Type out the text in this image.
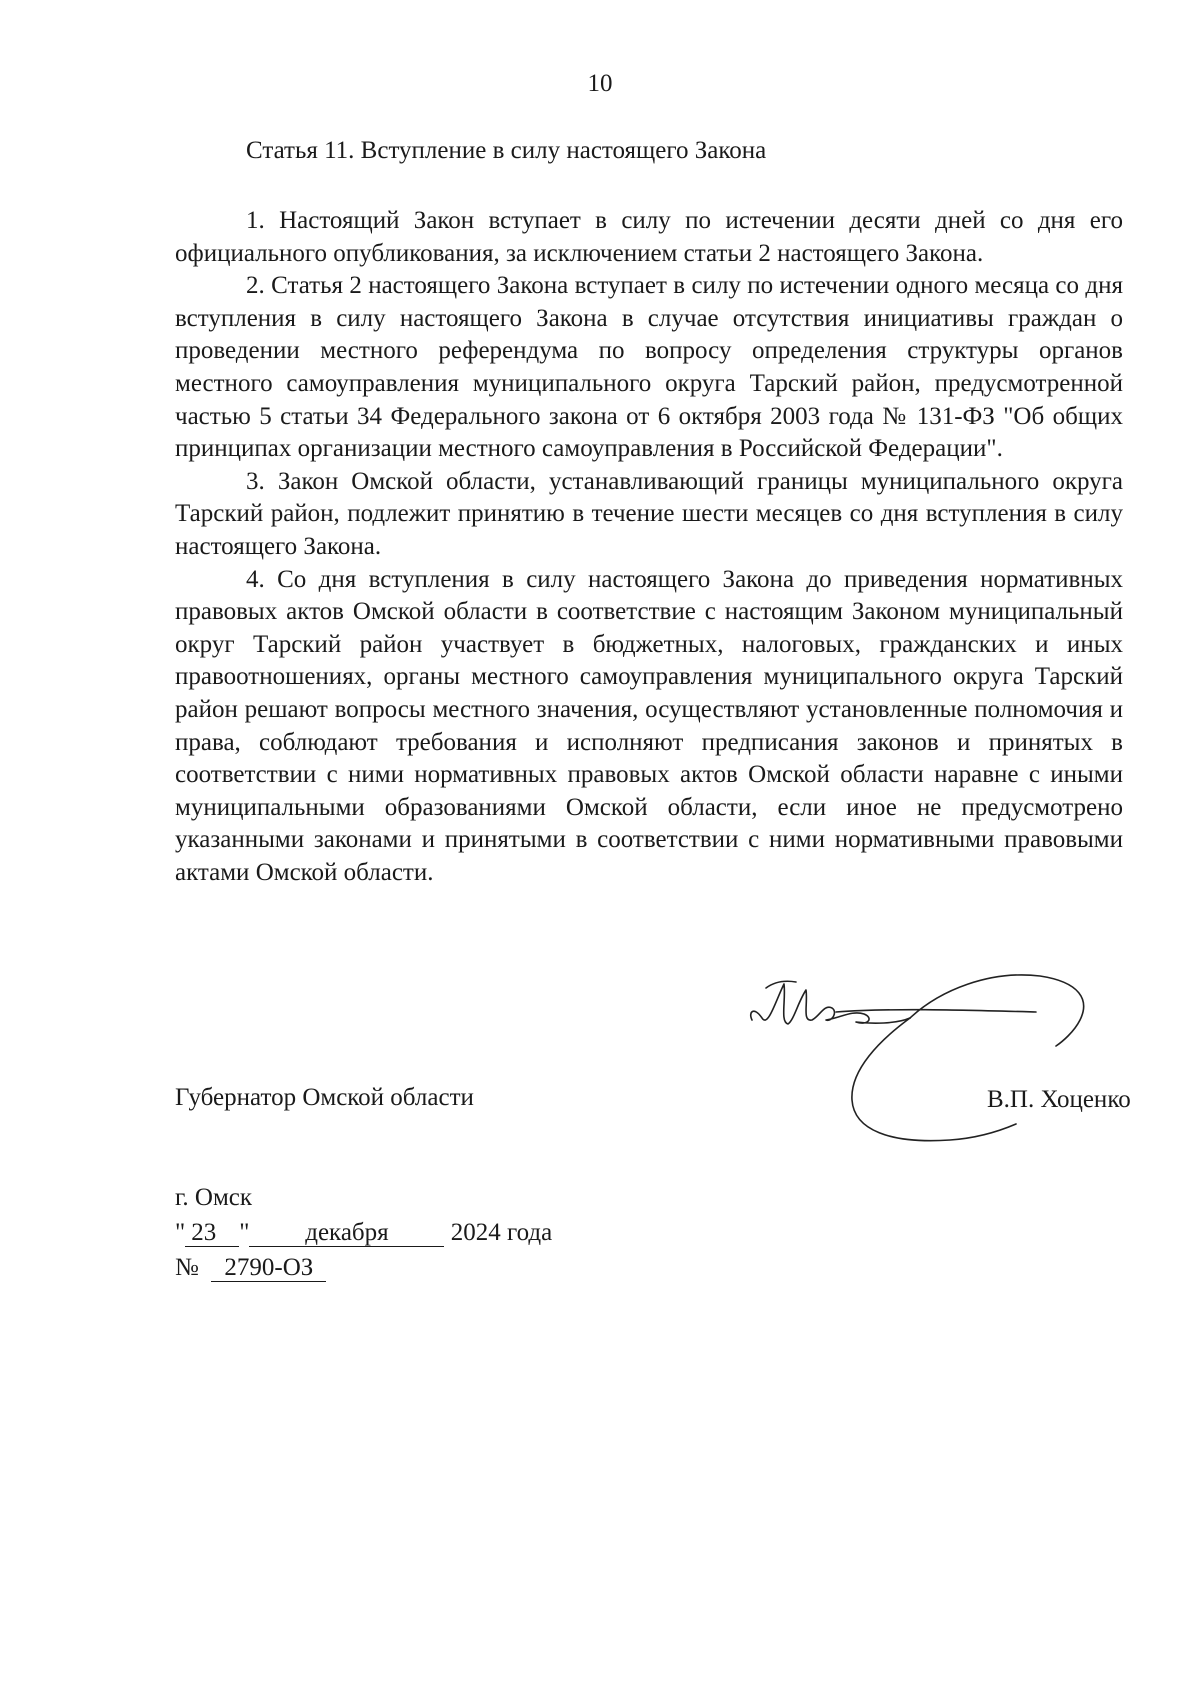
10
Статья 11. Вступление в силу настоящего Закона

1. Настоящий Закон вступает в силу по истечении десяти дней со дня его официального опубликования, за исключением статьи 2 настоящего Закона.

2. Статья 2 настоящего Закона вступает в силу по истечении одного месяца со дня вступления в силу настоящего Закона в случае отсутствия инициативы граждан о проведении местного референдума по вопросу определения структуры органов местного самоуправления муниципального округа Тарский район, предусмотренной частью 5 статьи 34 Федерального закона от 6 октября 2003 года № 131-ФЗ "Об общих принципах организации местного самоуправления в Российской Федерации".

3. Закон Омской области, устанавливающий границы муниципального округа Тарский район, подлежит принятию в течение шести месяцев со дня вступления в силу настоящего Закона.

4. Со дня вступления в силу настоящего Закона до приведения нормативных правовых актов Омской области в соответствие с настоящим Законом муниципальный округ Тарский район участвует в бюджетных, налоговых, гражданских и иных правоотношениях, органы местного самоуправления муниципального округа Тарский район решают вопросы местного значения, осуществляют установленные полномочия и права, соблюдают требования и исполняют предписания законов и принятых в соответствии с ними нормативных правовых актов Омской области наравне с иными муниципальными образованиями Омской области, если иное не предусмотрено указанными законами и принятыми в соответствии с ними нормативными правовыми актами Омской области.

Губернатор Омской области	В.П. Хоценко
г. Омск
" 23 " декабря 2024 года
№ 2790-ОЗ
